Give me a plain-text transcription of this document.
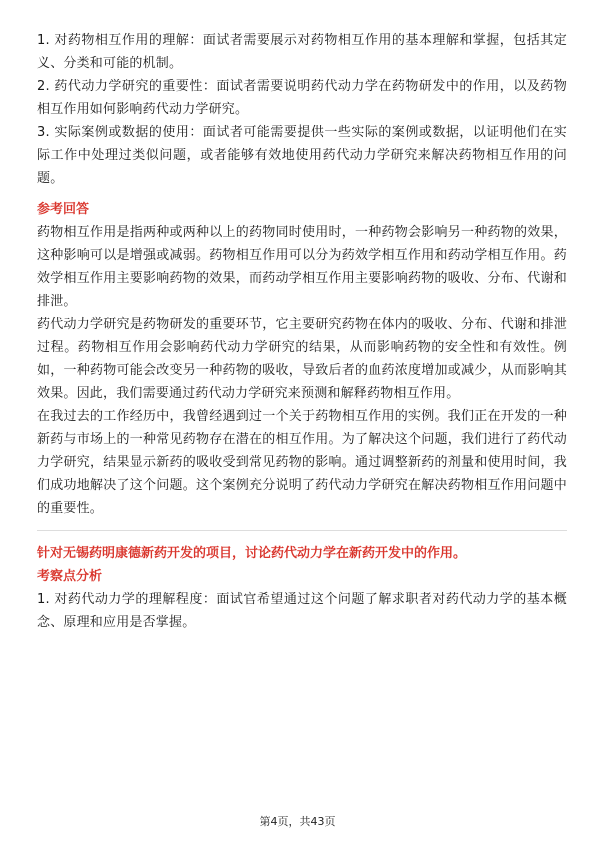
1. 对药物相互作用的理解：面试者需要展示对药物相互作用的基本理解和掌握，包括其定义、分类和可能的机制。

2. 药代动力学研究的重要性：面试者需要说明药代动力学在药物研发中的作用，以及药物相互作用如何影响药代动力学研究。

3. 实际案例或数据的使用：面试者可能需要提供一些实际的案例或数据，以证明他们在实际工作中处理过类似问题，或者能够有效地使用药代动力学研究来解决药物相互作用的问题。

参考回答

药物相互作用是指两种或两种以上的药物同时使用时，一种药物会影响另一种药物的效果，这种影响可以是增强或减弱。药物相互作用可以分为药效学相互作用和药动学相互作用。药效学相互作用主要影响药物的效果，而药动学相互作用主要影响药物的吸收、分布、代谢和排泄。

药代动力学研究是药物研发的重要环节，它主要研究药物在体内的吸收、分布、代谢和排泄过程。药物相互作用会影响药代动力学研究的结果，从而影响药物的安全性和有效性。例如，一种药物可能会改变另一种药物的吸收，导致后者的血药浓度增加或减少，从而影响其效果。因此，我们需要通过药代动力学研究来预测和解释药物相互作用。

在我过去的工作经历中，我曾经遇到过一个关于药物相互作用的实例。我们正在开发的一种新药与市场上的一种常见药物存在潜在的相互作用。为了解决这个问题，我们进行了药代动力学研究，结果显示新药的吸收受到常见药物的影响。通过调整新药的剂量和使用时间，我们成功地解决了这个问题。这个案例充分说明了药代动力学研究在解决药物相互作用问题中的重要性。

针对无锡药明康德新药开发的项目，讨论药代动力学在新药开发中的作用。

考察点分析

1. 对药代动力学的理解程度：面试官希望通过这个问题了解求职者对药代动力学的基本概念、原理和应用是否掌握。

第4页，共43页
